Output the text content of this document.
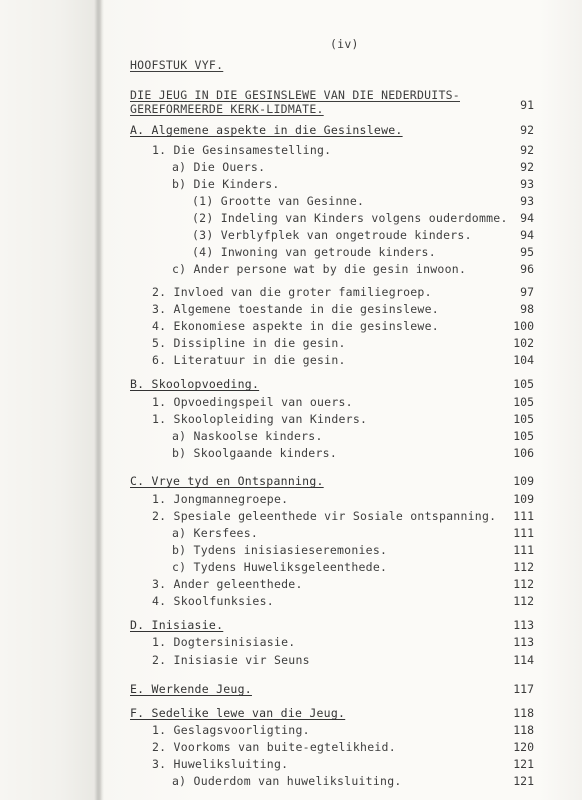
(iv)
HOOFSTUK VYF.
DIE JEUG IN DIE GESINSLEWE VAN DIE NEDERDUITS-
GEREFORMEERDE KERK-LIDMATE.	91
A. Algemene aspekte in die Gesinslewe.	92
1. Die Gesinsamestelling.	92
a) Die Ouers.	92
b) Die Kinders.	93
(1) Grootte van Gesinne.	93
(2) Indeling van Kinders volgens ouderdomme.	94
(3) Verblyfplek van ongetroude kinders.	94
(4) Inwoning van getroude kinders.	95
c) Ander persone wat by die gesin inwoon.	96
2. Invloed van die groter familiegroep.	97
3. Algemene toestande in die gesinslewe.	98
4. Ekonomiese aspekte in die gesinslewe.	100
5. Dissipline in die gesin.	102
6. Literatuur in die gesin.	104
B. Skoolopvoeding.	105
1. Opvoedingspeil van ouers.	105
1. Skoolopleiding van Kinders.	105
a) Naskoolse kinders.	105
b) Skoolgaande kinders.	106
C. Vrye tyd en Ontspanning.	109
1. Jongmannegroepe.	109
2. Spesiale geleenthede vir Sosiale ontspanning. 111
a) Kersfees.	111
b) Tydens inisiasieseremonies.	111
c) Tydens Huweliksgeleenthede.	112
3. Ander geleenthede.	112
4. Skoolfunksies.	112
D. Inisiasie.	113
1. Dogtersinisiasie.	113
2. Inisiasie vir Seuns	114
E. Werkende Jeug.	117
F. Sedelike lewe van die Jeug.	118
1. Geslagsvoorligting.	118
2. Voorkoms van buite-egtelikheid.	120
3. Huweliksluiting.	121
a) Ouderdom van huweliksluiting.	121
